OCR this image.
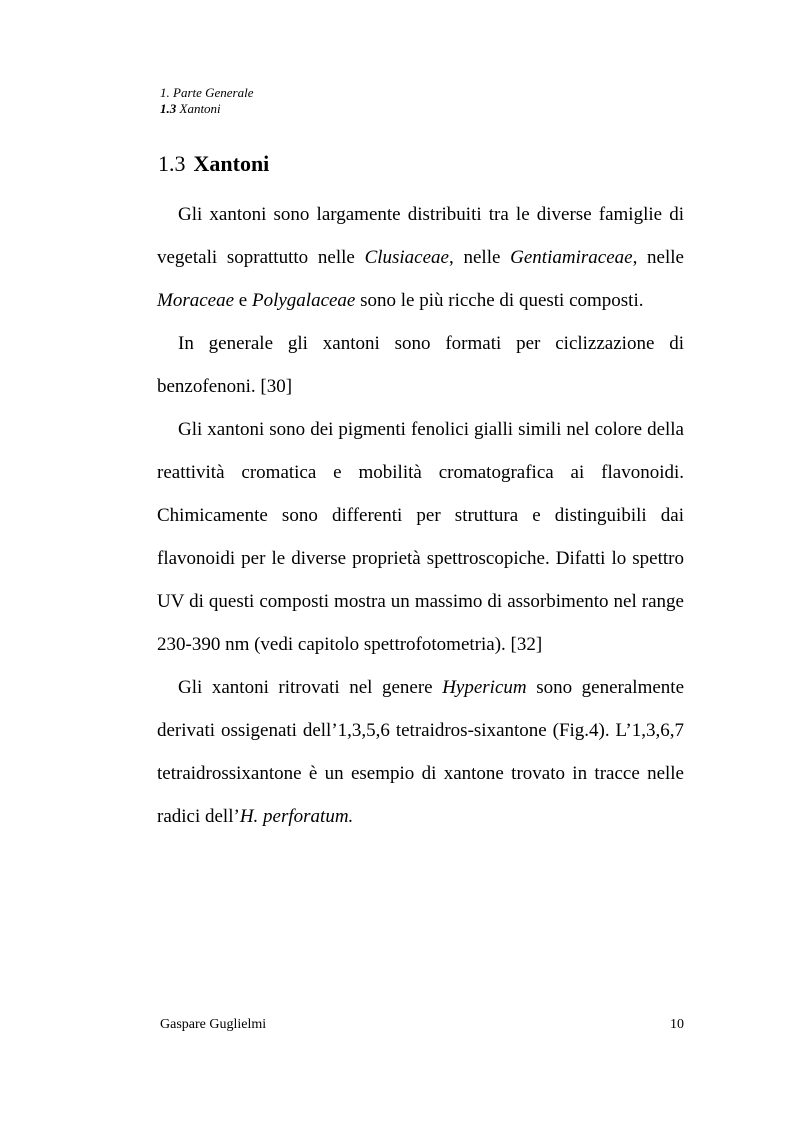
1. Parte Generale
1.3 Xantoni
1.3 Xantoni

Gli xantoni sono largamente distribuiti tra le diverse famiglie di vegetali soprattutto nelle Clusiaceae, nelle Gentiamiraceae, nelle Moraceae e Polygalaceae sono le più ricche di questi composti.

In generale gli xantoni sono formati per ciclizzazione di benzofenoni. [30]

Gli xantoni sono dei pigmenti fenolici gialli simili nel colore della reattività cromatica e mobilità cromatografica ai flavonoidi. Chimicamente sono differenti per struttura e distinguibili dai flavonoidi per le diverse proprietà spettroscopiche. Difatti lo spettro UV di questi composti mostra un massimo di assorbimento nel range 230-390 nm (vedi capitolo spettrofotometria). [32]

Gli xantoni ritrovati nel genere Hypericum sono generalmente derivati ossigenati dell’1,3,5,6 tetraidros-sixantone (Fig.4). L’1,3,6,7 tetraidrossixantone è un esempio di xantone trovato in tracce nelle radici dell’H. perforatum.

Gaspare Guglielmi	10
